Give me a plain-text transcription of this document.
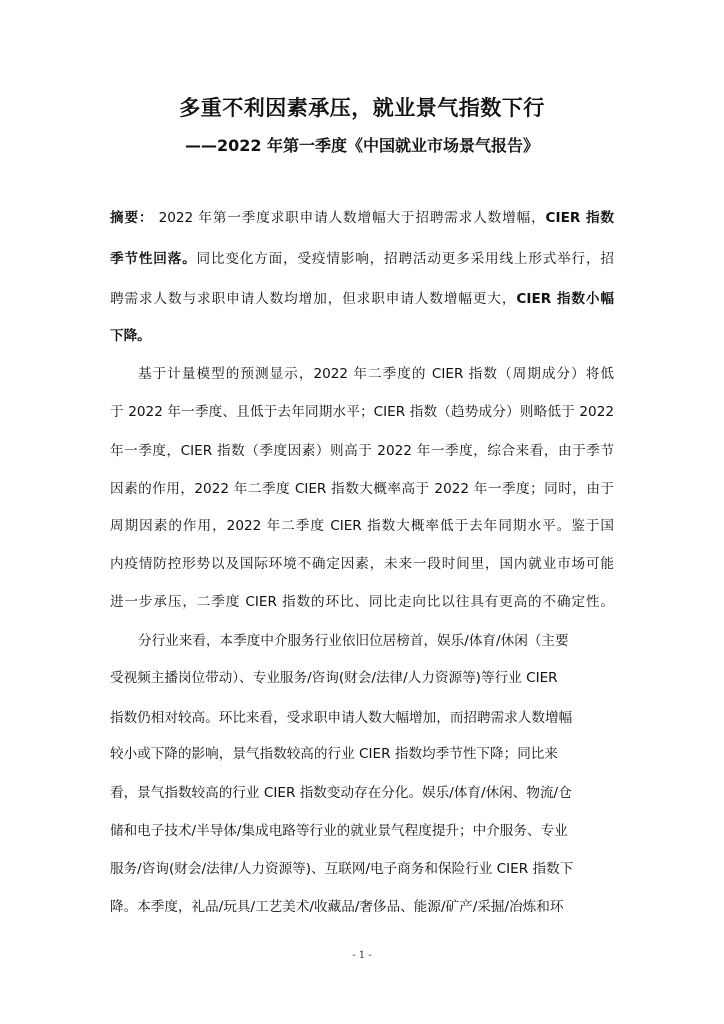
多重不利因素承压，就业景气指数下行
——2022 年第一季度《中国就业市场景气报告》
摘要： 2022 年第一季度求职申请人数增幅大于招聘需求人数增幅，CIER 指数
季节性回落。同比变化方面，受疫情影响，招聘活动更多采用线上形式举行，招
聘需求人数与求职申请人数均增加，但求职申请人数增幅更大，CIER 指数小幅
下降。
基于计量模型的预测显示，2022 年二季度的 CIER 指数（周期成分）将低
于 2022 年一季度、且低于去年同期水平；CIER 指数（趋势成分）则略低于 2022
年一季度，CIER 指数（季度因素）则高于 2022 年一季度，综合来看，由于季节
因素的作用，2022 年二季度 CIER 指数大概率高于 2022 年一季度；同时，由于
周期因素的作用，2022 年二季度 CIER 指数大概率低于去年同期水平。鉴于国
内疫情防控形势以及国际环境不确定因素，未来一段时间里，国内就业市场可能
进一步承压，二季度 CIER 指数的环比、同比走向比以往具有更高的不确定性。
分行业来看，本季度中介服务行业依旧位居榜首，娱乐/体育/休闲（主要
受视频主播岗位带动）、专业服务/咨询(财会/法律/人力资源等)等行业 CIER
指数仍相对较高。环比来看，受求职申请人数大幅增加，而招聘需求人数增幅
较小或下降的影响，景气指数较高的行业 CIER 指数均季节性下降；同比来
看，景气指数较高的行业 CIER 指数变动存在分化。娱乐/体育/休闲、物流/仓
储和电子技术/半导体/集成电路等行业的就业景气程度提升；中介服务、专业
服务/咨询(财会/法律/人力资源等)、互联网/电子商务和保险行业 CIER 指数下
降。本季度，礼品/玩具/工艺美术/收藏品/奢侈品、能源/矿产/采掘/冶炼和环
- 1 -
